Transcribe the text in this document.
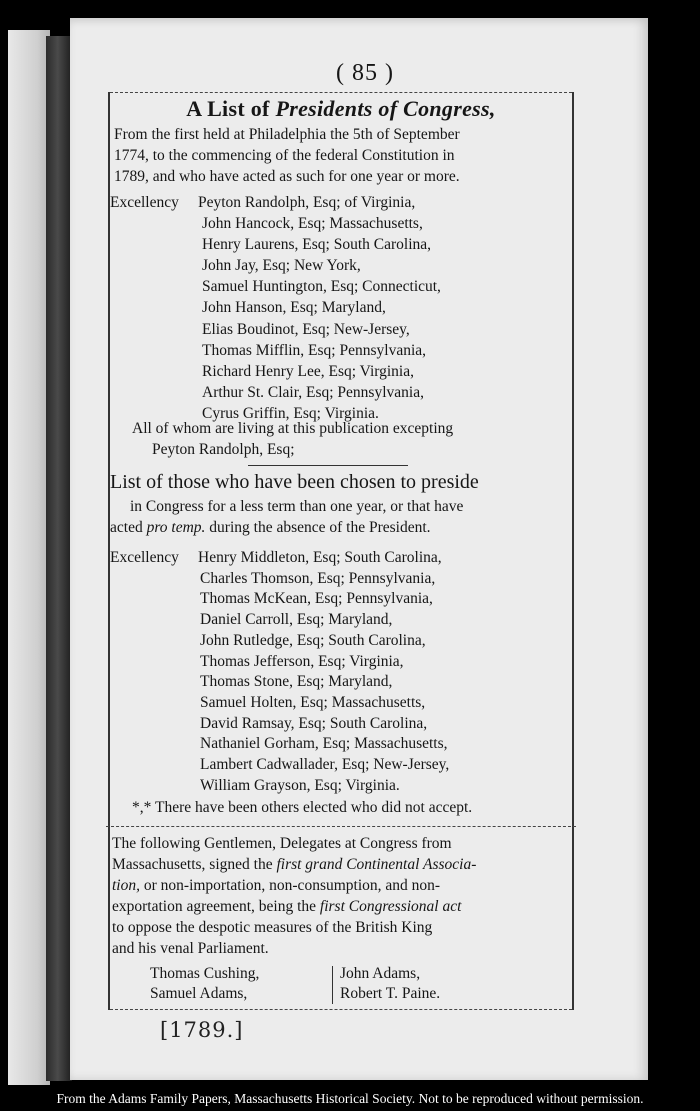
( 85 )
A List of Presidents of Congress,
From the first held at Philadelphia the 5th of September
1774, to the commencing of the federal Constitution in
1789, and who have acted as such for one year or more.
Excellency Peyton Randolph, Esq; of Virginia,
John Hancock, Esq; Massachusetts,
Henry Laurens, Esq; South Carolina,
John Jay, Esq; New York,
Samuel Huntington, Esq; Connecticut,
John Hanson, Esq; Maryland,
Elias Boudinot, Esq; New-Jersey,
Thomas Mifflin, Esq; Pennsylvania,
Richard Henry Lee, Esq; Virginia,
Arthur St. Clair, Esq; Pennsylvania,
Cyrus Griffin, Esq; Virginia.
All of whom are living at this publication excepting
Peyton Randolph, Esq;
List of those who have been chosen to preside
in Congress for a less term than one year, or that have
acted pro temp. during the absence of the President.
Excellency Henry Middleton, Esq; South Carolina,
Charles Thomson, Esq; Pennsylvania,
Thomas McKean, Esq; Pennsylvania,
Daniel Carroll, Esq; Maryland,
John Rutledge, Esq; South Carolina,
Thomas Jefferson, Esq; Virginia,
Thomas Stone, Esq; Maryland,
Samuel Holten, Esq; Massachusetts,
David Ramsay, Esq; South Carolina,
Nathaniel Gorham, Esq; Massachusetts,
Lambert Cadwallader, Esq; New-Jersey,
William Grayson, Esq; Virginia.
*,* There have been others elected who did not accept.
The following Gentlemen, Delegates at Congress from
Massachusetts, signed the first grand Continental Associa-
tion, or non-importation, non-consumption, and non-
exportation agreement, being the first Congressional act
to oppose the despotic measures of the British King
and his venal Parliament.
Thomas Cushing,
Samuel Adams,
John Adams,
Robert T. Paine.
[1789.]
From the Adams Family Papers, Massachusetts Historical Society. Not to be reproduced without permission.
